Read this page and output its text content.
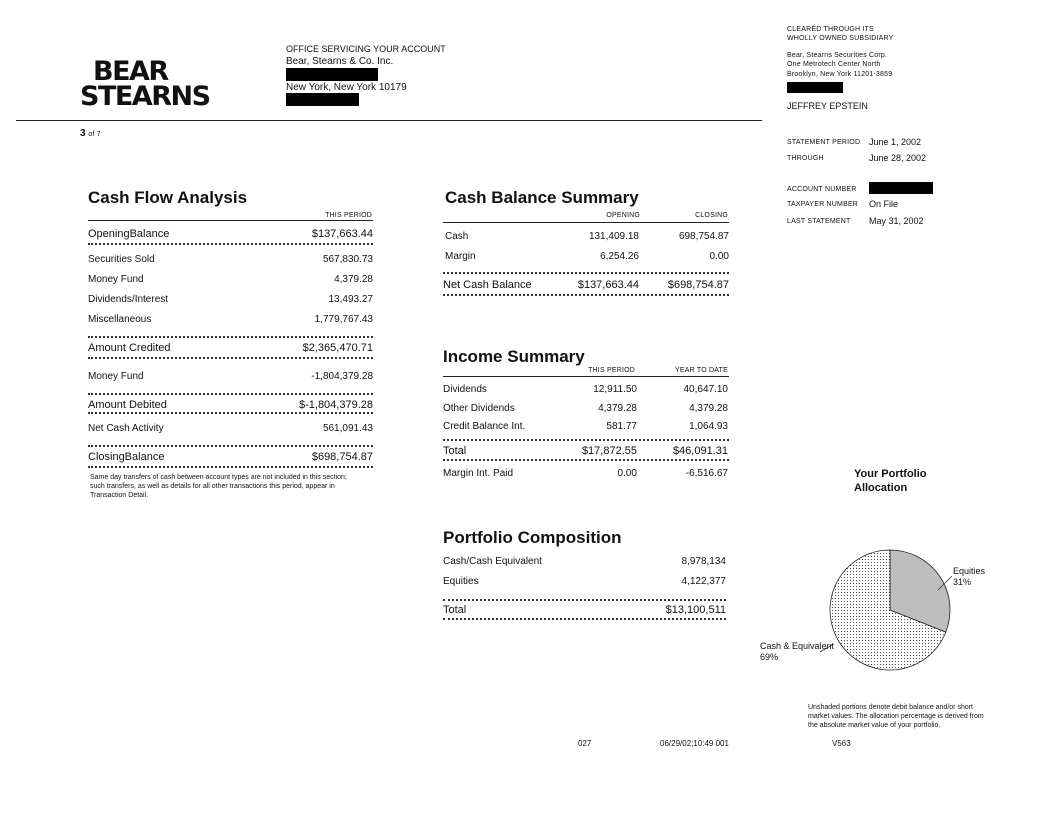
BEAR
STEARNS
OFFICE SERVICING YOUR ACCOUNT
Bear, Stearns & Co. Inc.
New York, New York 10179
CLEARED THROUGH ITS
WHOLLY OWNED SUBSIDIARY
Bear, Stearns Securities Corp.
One Metrotech Center North
Brooklyn, New York 11201-3859
JEFFREY EPSTEIN
3 of 7
STATEMENT PERIOD June 1, 2002
THROUGH	June 28, 2002
ACCOUNT NUMBER
TAXPAYER NUMBER On File
LAST STATEMENT May 31, 2002
Cash Flow Analysis
THIS PERIOD
OpeningBalance	$137,663.44
Securities Sold	567,830.73
Money Fund	4,379.28
Dividends/Interest	13,493.27
Miscellaneous	1,779,767.43
Amount Credited	$2,365,470.71
Money Fund	-1,804,379.28
Amount Debited	$-1,804,379.28
Net Cash Activity	561,091.43
ClosingBalance	$698,754.87
Same day transfers of cash between account types are not included in this section; such transfers, as well as details for all other transactions this period, appear in Transaction Detail.
Cash Balance Summary
OPENING	CLOSING
Cash	131,409.18	698,754.87
Margin	6,254.26	0.00
Net Cash Balance	$137,663.44	$698,754.87
Income Summary
THIS PERIOD	YEAR TO DATE
Dividends	12,911.50	40,647.10
Other Dividends	4,379.28	4,379.28
Credit Balance Int.	581.77	1,064.93
Total	$17,872.55	$46,091.31
Margin Int. Paid	0.00	-6,516.67
Portfolio Composition
Cash/Cash Equivalent	8,978,134
Equities	4,122,377
Total	$13,100,511
Your Portfolio
Allocation
Equities
31%
Cash & Equivalent
69%
Unshaded portions denote debit balance and/or short market values. The allocation percentage is derived from the absolute market value of your portfolio.
027	06/29/02;10:49 001	V563
